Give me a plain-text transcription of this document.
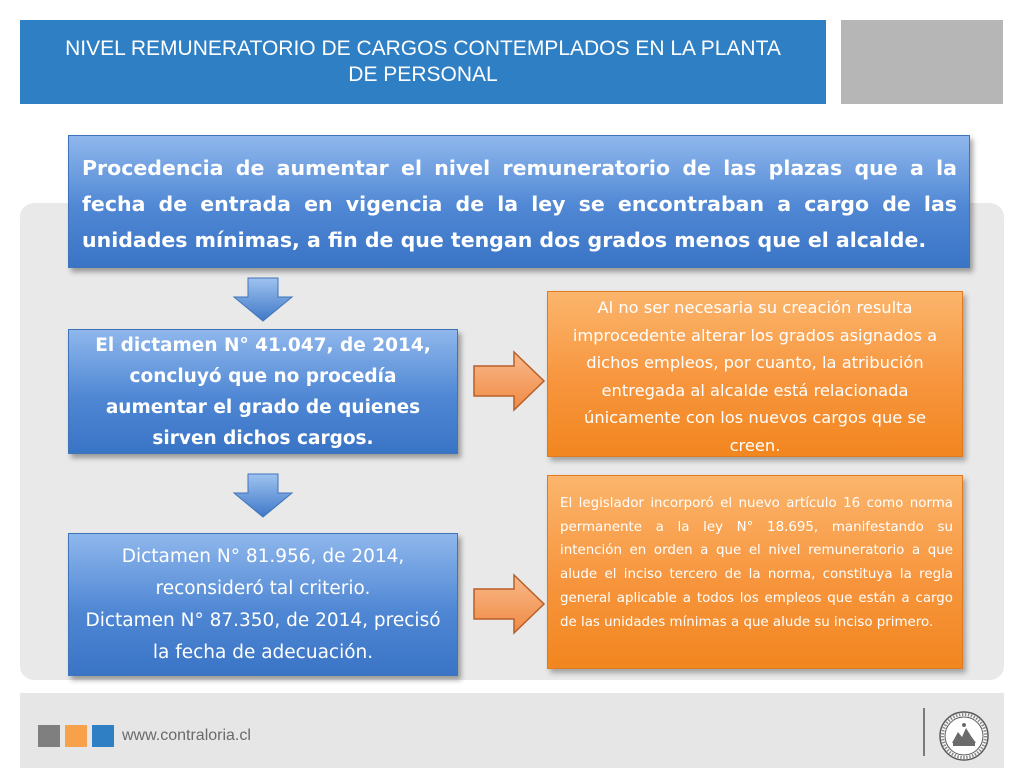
NIVEL REMUNERATORIO DE CARGOS CONTEMPLADOS EN LA PLANTA DE PERSONAL
Procedencia de aumentar el nivel remuneratorio de las plazas que a la fecha de entrada en vigencia de la ley se encontraban a cargo de las unidades mínimas, a fin de que tengan dos grados menos que el alcalde.
El dictamen N° 41.047, de 2014, concluyó que no procedía aumentar el grado de quienes sirven dichos cargos.
Al no ser necesaria su creación resulta improcedente alterar los grados asignados a dichos empleos, por cuanto, la atribución entregada al alcalde está relacionada únicamente con los nuevos cargos que se creen.
Dictamen N° 81.956, de 2014, reconsideró tal criterio.
Dictamen N° 87.350, de 2014, precisó la fecha de adecuación.
El legislador incorporó el nuevo artículo 16 como norma permanente a la ley N° 18.695, manifestando su intención en orden a que el nivel remuneratorio a que alude el inciso tercero de la norma, constituya la regla general aplicable a todos los empleos que están a cargo de las unidades mínimas a que alude su inciso primero.
www.contraloria.cl
